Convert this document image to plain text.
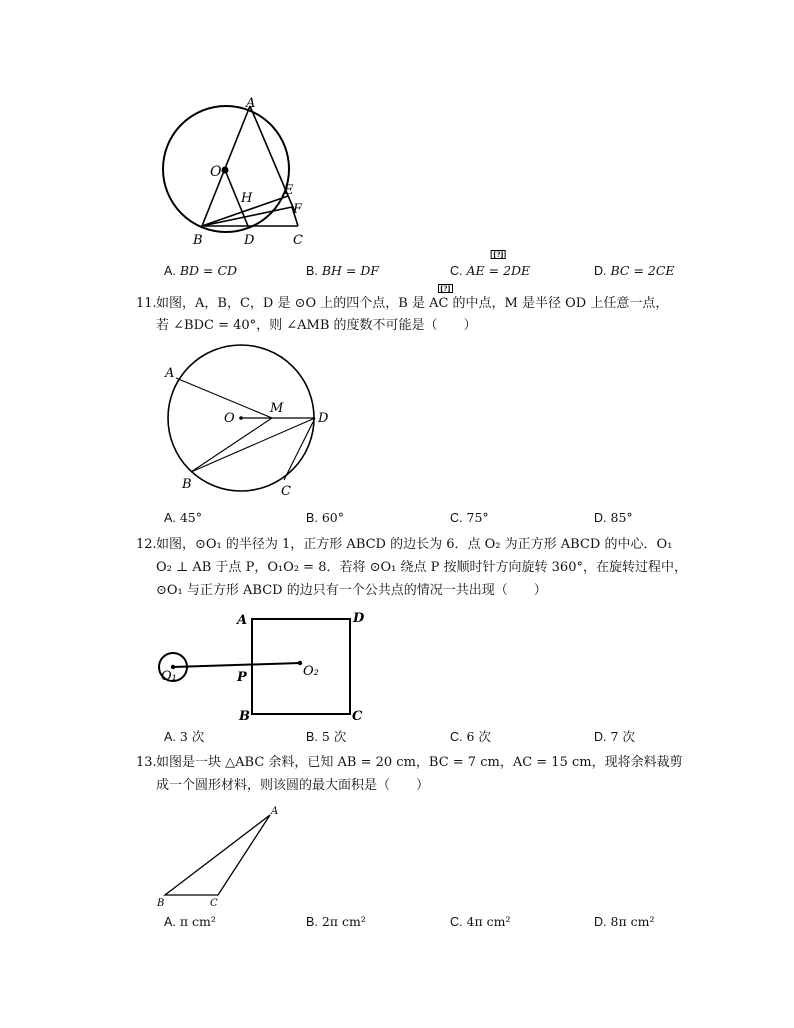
A
O
H
E
F
B	D	C
A. BD = CD	B. BH = DF	C.[?] AE = 2DE	D. BC = 2CE
11. 如图，A，B，C，D 是 ⊙O 上的四个点，B 是 AC 的中点，M 是半径 OD 上任意一点，
若 ∠BDC = 40°，则 ∠AMB 的度数不可能是（　　）
[?]
A
O
M
D
B	C
A. 45°	B. 60°	C. 75°	D. 85°
12. 如图，⊙O₁ 的半径为 1，正方形 ABCD 的边长为 6．点 O₂ 为正方形 ABCD 的中心．O₁
O₂ ⊥ AB 于点 P，O₁O₂ = 8．若将 ⊙O₁ 绕点 P 按顺时针方向旋转 360°，在旋转过程中，
⊙O₁ 与正方形 ABCD 的边只有一个公共点的情况一共出现（　　）
A	D
O₁	P	O₂
B	C
A. 3 次	B. 5 次	C. 6 次	D. 7 次
13. 如图是一块 △ABC 余料，已知 AB = 20 cm，BC = 7 cm，AC = 15 cm，现将余料裁剪
成一个圆形材料，则该圆的最大面积是（　　）
A
B	C
A. π cm²	B. 2π cm²	C. 4π cm²	D. 8π cm²
